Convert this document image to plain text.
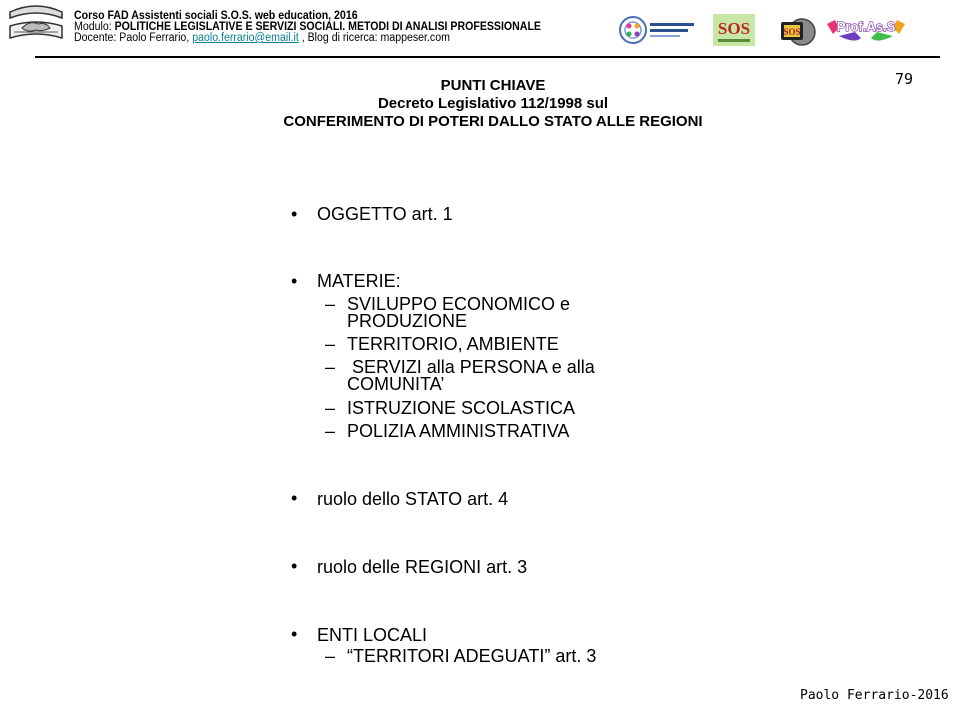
Corso FAD Assistenti sociali S.O.S. web education, 2016
Modulo: POLITICHE LEGISLATIVE E SERVIZI SOCIALI. METODI DI ANALISI PROFESSIONALE
Docente: Paolo Ferrario, paolo.ferrario@email.it , Blog di ricerca: mappeser.com	SOS	SOS	Prof.As.S
79
PUNTI CHIAVE
Decreto Legislativo 112/1998 sul
CONFERIMENTO DI POTERI DALLO STATO ALLE REGIONI
• OGGETTO art. 1
• MATERIE:
– SVILUPPO ECONOMICO e
PRODUZIONE
– TERRITORIO, AMBIENTE
– SERVIZI alla PERSONA e alla
COMUNITA’
– ISTRUZIONE SCOLASTICA
– POLIZIA AMMINISTRATIVA
• ruolo dello STATO art. 4
• ruolo delle REGIONI art. 3
• ENTI LOCALI
– “TERRITORI ADEGUATI” art. 3
Paolo Ferrario-2016
